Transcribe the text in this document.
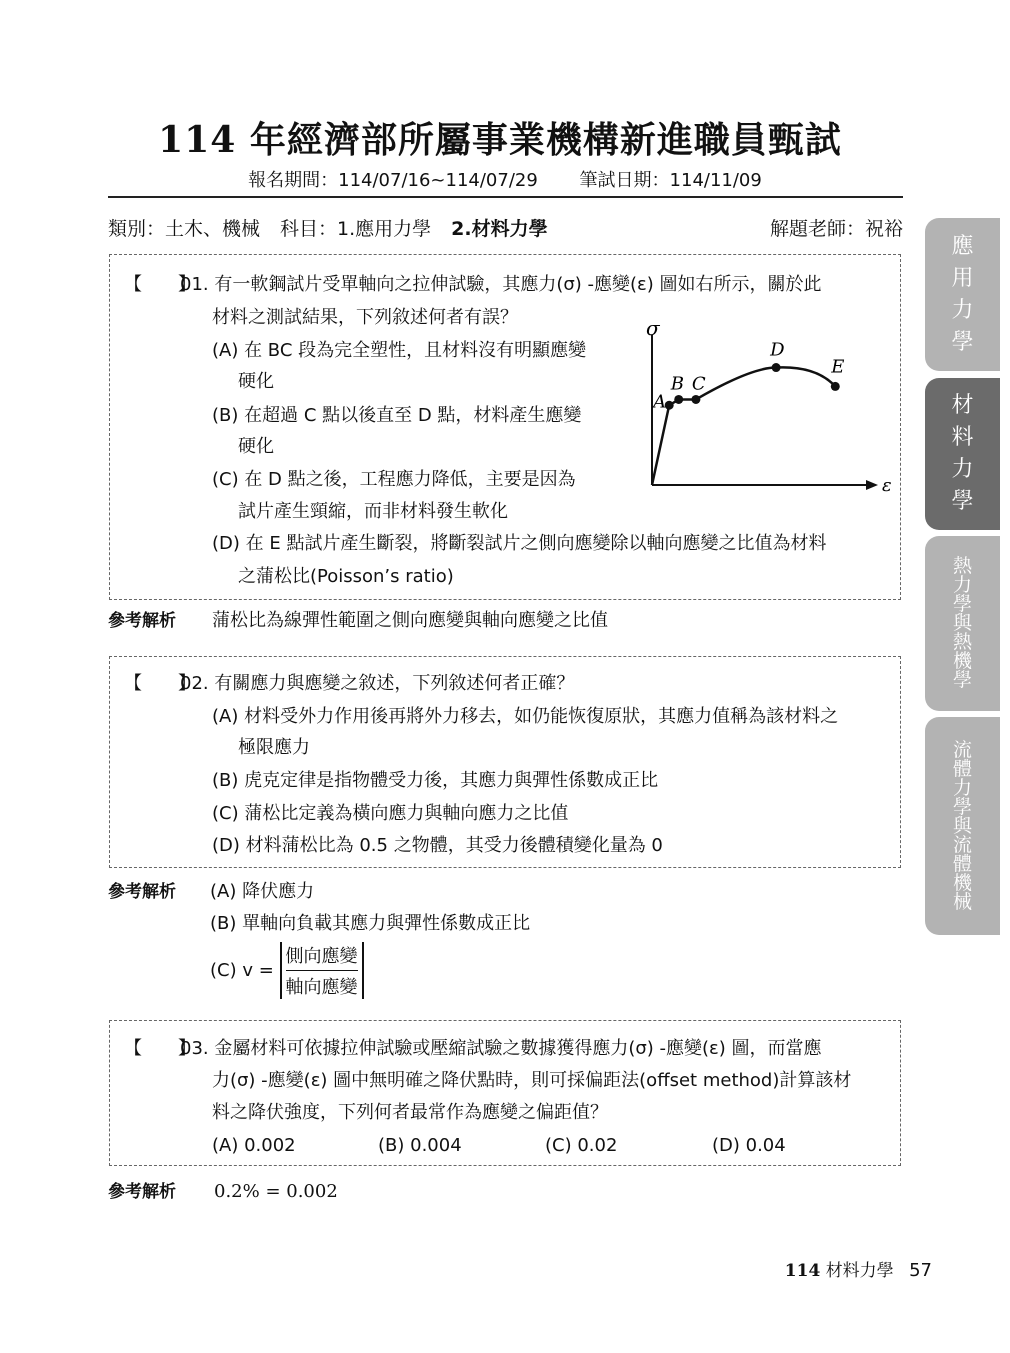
114 年經濟部所屬事業機構新進職員甄試
報名期間：114/07/16~114/07/29 筆試日期：114/11/09
類別：土木、機械 科目：1.應用力學 2.材料力學	解題老師：祝裕
【　　】
01. 有一軟鋼試片受單軸向之拉伸試驗，其應力(σ) -應變(ε) 圖如右所示，關於此
材料之測試結果，下列敘述何者有誤？
(A) 在 BC 段為完全塑性，且材料沒有明顯應變
硬化
(B) 在超過 C 點以後直至 D 點，材料產生應變
硬化
(C) 在 D 點之後，工程應力降低，主要是因為
試片產生頸縮，而非材料發生軟化
(D) 在 E 點試片產生斷裂，將斷裂試片之側向應變除以軸向應變之比值為材料
之蒲松比(Poisson’s ratio)
σ
ε
A
B C
D
E
參考解析 蒲松比為線彈性範圍之側向應變與軸向應變之比值
【　　】
02. 有關應力與應變之敘述，下列敘述何者正確？
(A) 材料受外力作用後再將外力移去，如仍能恢復原狀，其應力值稱為該材料之
極限應力
(B) 虎克定律是指物體受力後，其應力與彈性係數成正比
(C) 蒲松比定義為橫向應力與軸向應力之比值
(D) 材料蒲松比為 0.5 之物體，其受力後體積變化量為 0
參考解析 (A) 降伏應力
(B) 單軸向負載其應力與彈性係數成正比
(C) $v = \frac{\text{側向應變}}{\text{軸向應變}}$
【　　】
03. 金屬材料可依據拉伸試驗或壓縮試驗之數據獲得應力(σ) -應變(ε) 圖，而當應
力(σ) -應變(ε) 圖中無明確之降伏點時，則可採偏距法(offset method)計算該材
料之降伏強度，下列何者最常作為應變之偏距值？
(A) 0.002	(B) 0.004	(C) 0.02	(D) 0.04
參考解析 0.2% = 0.002
應
用
力
學
材
料
力
學
熱
力
學
與
熱
機
學
流
體
力
學
與
流
體
機
械
114 材料力學 57
